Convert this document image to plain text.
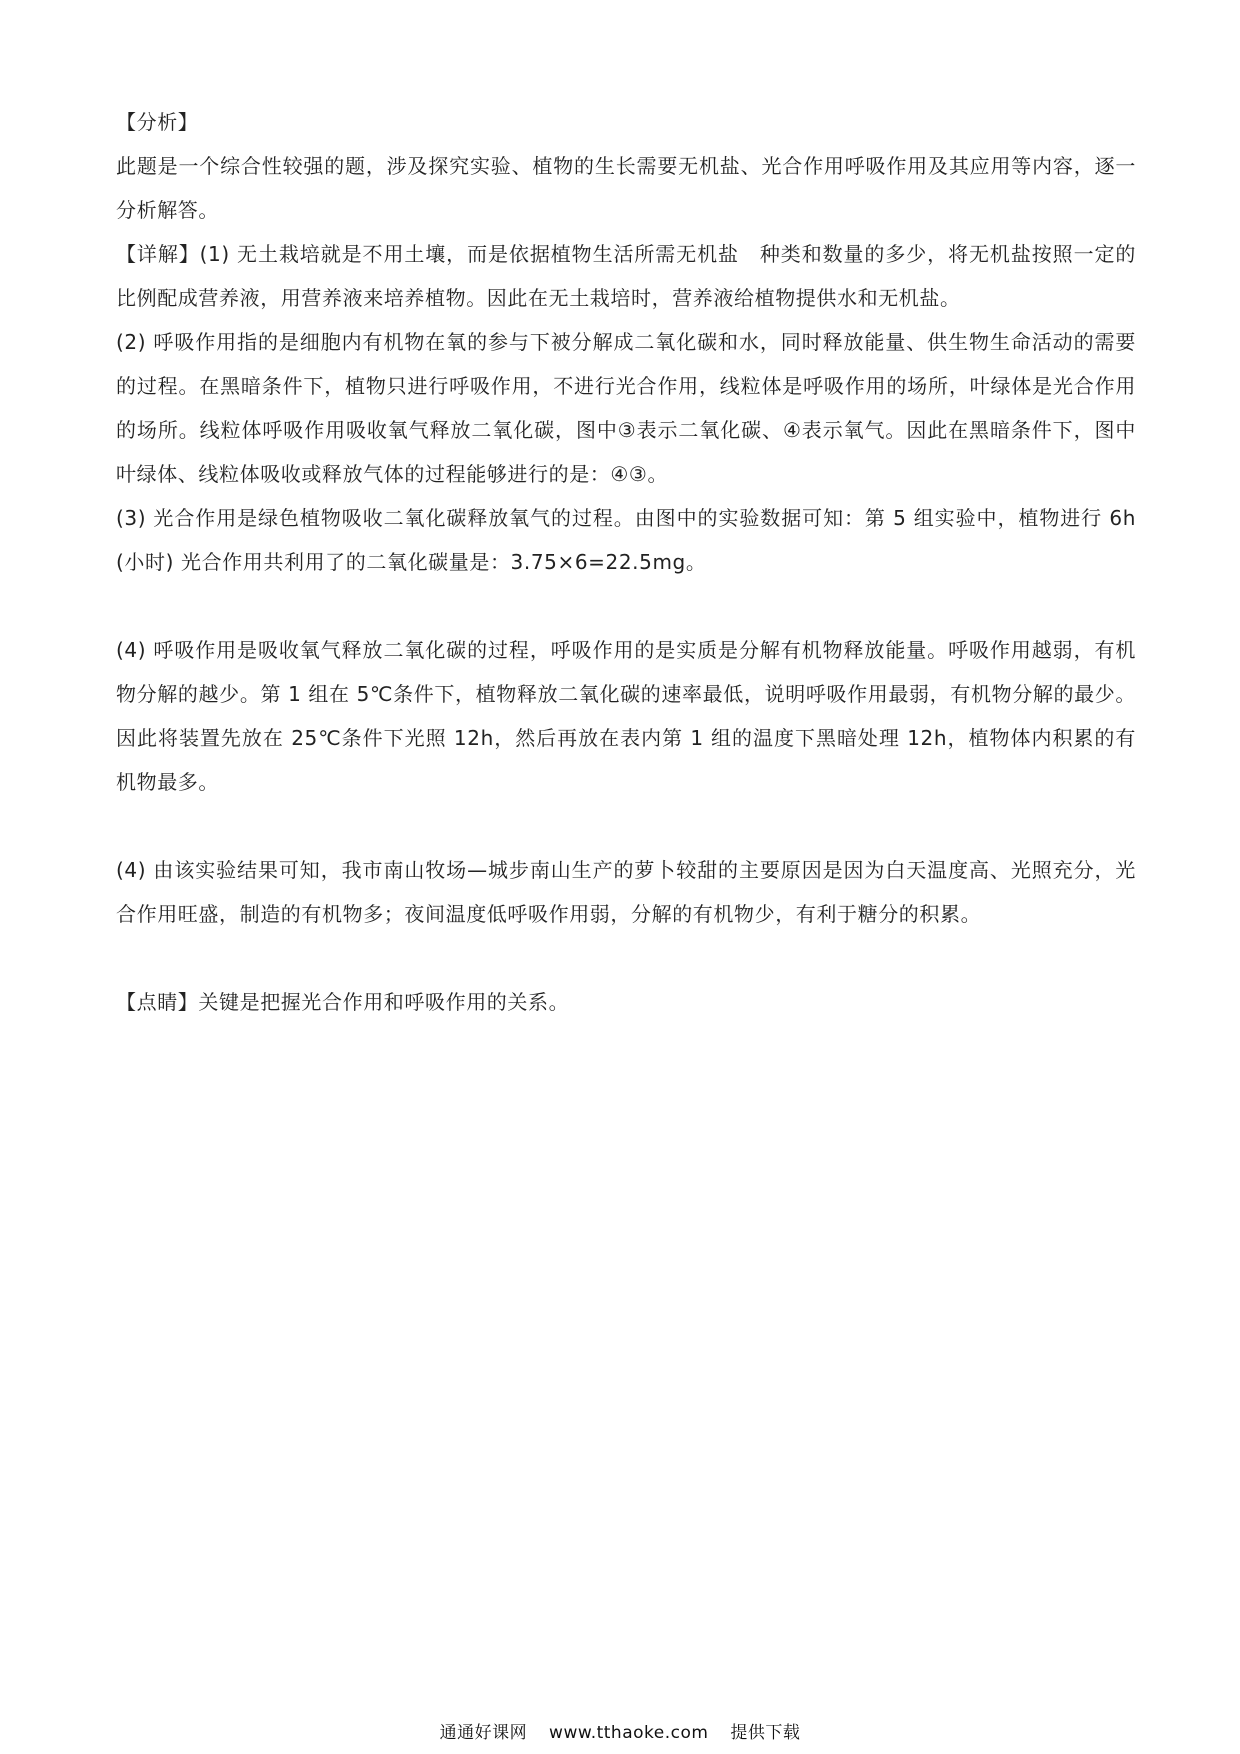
【分析】

此题是一个综合性较强的题，涉及探究实验、植物的生长需要无机盐、光合作用呼吸作用及其应用等内容，逐一分析解答。

【详解】(1) 无土栽培就是不用土壤，而是依据植物生活所需无机盐　种类和数量的多少，将无机盐按照一定的比例配成营养液，用营养液来培养植物。因此在无土栽培时，营养液给植物提供水和无机盐。

(2) 呼吸作用指的是细胞内有机物在氧的参与下被分解成二氧化碳和水，同时释放能量、供生物生命活动的需要的过程。在黑暗条件下，植物只进行呼吸作用，不进行光合作用，线粒体是呼吸作用的场所，叶绿体是光合作用的场所。线粒体呼吸作用吸收氧气释放二氧化碳，图中③表示二氧化碳、④表示氧气。因此在黑暗条件下，图中叶绿体、线粒体吸收或释放气体的过程能够进行的是：④③。

(3) 光合作用是绿色植物吸收二氧化碳释放氧气的过程。由图中的实验数据可知：第 5 组实验中，植物进行 6h (小时) 光合作用共利用了的二氧化碳量是：3.75×6=22.5mg。

(4) 呼吸作用是吸收氧气释放二氧化碳的过程，呼吸作用的是实质是分解有机物释放能量。呼吸作用越弱，有机物分解的越少。第 1 组在 5℃条件下，植物释放二氧化碳的速率最低，说明呼吸作用最弱，有机物分解的最少。因此将装置先放在 25℃条件下光照 12h，然后再放在表内第 1 组的温度下黑暗处理 12h，植物体内积累的有机物最多。

(4) 由该实验结果可知，我市南山牧场—城步南山生产的萝卜较甜的主要原因是因为白天温度高、光照充分，光合作用旺盛，制造的有机物多；夜间温度低呼吸作用弱，分解的有机物少，有利于糖分的积累。

【点睛】关键是把握光合作用和呼吸作用的关系。

通通好课网 www.tthaoke.com 提供下载
